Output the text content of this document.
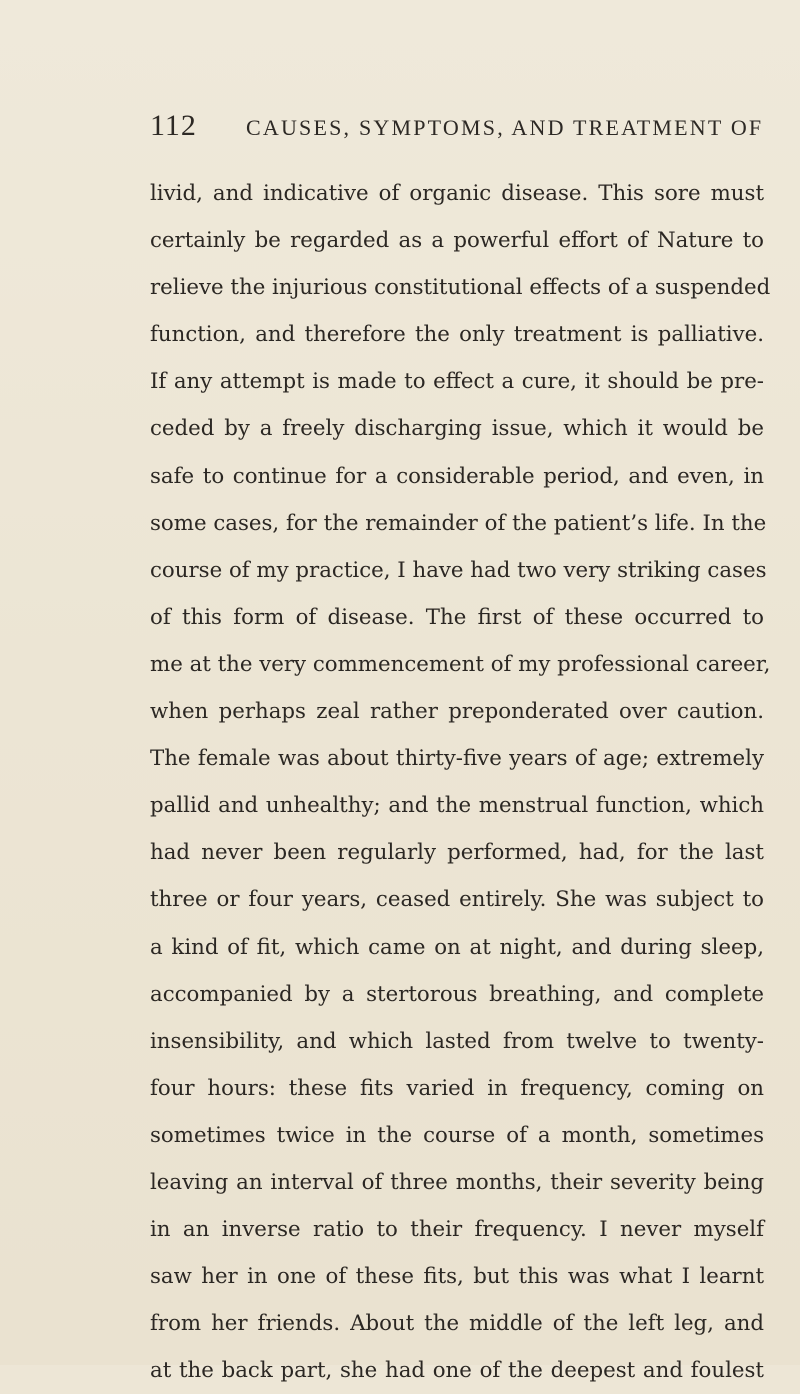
112 CAUSES, SYMPTOMS, AND TREATMENT OF
livid, and indicative of organic disease. This sore must
certainly be regarded as a powerful effort of Nature to
relieve the injurious constitutional effects of a suspended
function, and therefore the only treatment is palliative.
If any attempt is made to effect a cure, it should be pre-
ceded by a freely discharging issue, which it would be
safe to continue for a considerable period, and even, in
some cases, for the remainder of the patient’s life. In the
course of my practice, I have had two very striking cases
of this form of disease. The first of these occurred to
me at the very commencement of my professional career,
when perhaps zeal rather preponderated over caution.
The female was about thirty-five years of age; extremely
pallid and unhealthy; and the menstrual function, which
had never been regularly performed, had, for the last
three or four years, ceased entirely. She was subject to
a kind of fit, which came on at night, and during sleep,
accompanied by a stertorous breathing, and complete
insensibility, and which lasted from twelve to twenty-
four hours: these fits varied in frequency, coming on
sometimes twice in the course of a month, sometimes
leaving an interval of three months, their severity being
in an inverse ratio to their frequency. I never myself
saw her in one of these fits, but this was what I learnt
from her friends. About the middle of the left leg, and
at the back part, she had one of the deepest and foulest
